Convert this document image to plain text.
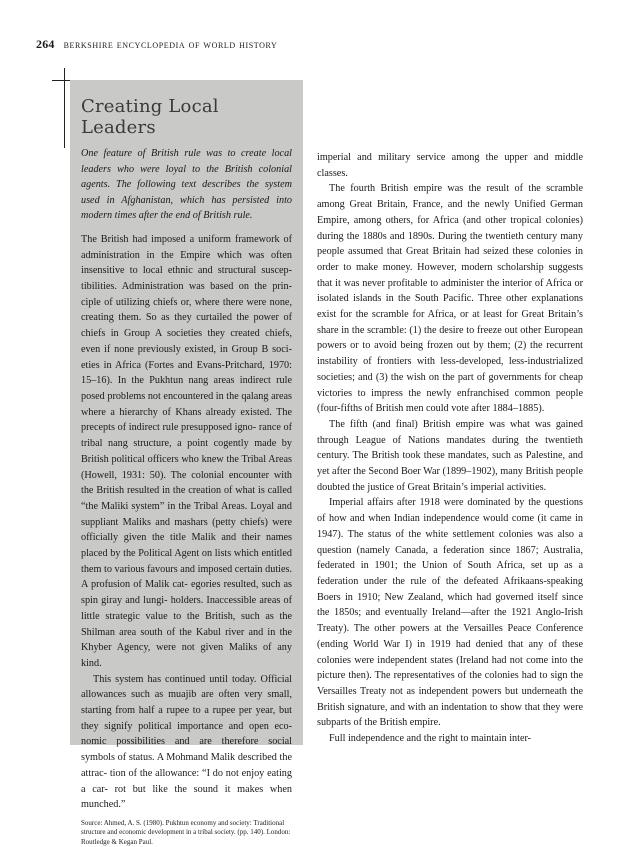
264 berkshire encyclopedia of world history
Creating Local Leaders

One feature of British rule was to create local leaders who were loyal to the British colonial agents. The following text describes the system used in Afghanistan, which has persisted into modern times after the end of British rule.

The British had imposed a uniform framework of administration in the Empire which was often insensitive to local ethnic and structural suscep- tibilities. Administration was based on the prin- ciple of utilizing chiefs or, where there were none, creating them. So as they curtailed the power of chiefs in Group A societies they created chiefs, even if none previously existed, in Group B soci- eties in Africa (Fortes and Evans-Pritchard, 1970: 15–16). In the Pukhtun nang areas indirect rule posed problems not encountered in the qalang areas where a hierarchy of Khans already existed. The precepts of indirect rule presupposed igno- rance of tribal nang structure, a point cogently made by British political officers who knew the Tribal Areas (Howell, 1931: 50). The colonial encounter with the British resulted in the creation of what is called “the Maliki system” in the Tribal Areas. Loyal and suppliant Maliks and mashars (petty chiefs) were officially given the title Malik and their names placed by the Political Agent on lists which entitled them to various favours and imposed certain duties. A profusion of Malik cat- egories resulted, such as spin giray and lungi- holders. Inaccessible areas of little strategic value to the British, such as the Shilman area south of the Kabul river and in the Khyber Agency, were not given Maliks of any kind.

This system has continued until today. Official allowances such as muajib are often very small, starting from half a rupee to a rupee per year, but they signify political importance and open eco- nomic possibilities and are therefore social symbols of status. A Mohmand Malik described the attrac- tion of the allowance: “I do not enjoy eating a car- rot but like the sound it makes when munched.”

Source: Ahmed, A. S. (1980). Pukhtun economy and society: Traditional structure and economic development in a tribal society. (pp. 140). London: Routledge & Kegan Paul.

imperial and military service among the upper and middle classes.

The fourth British empire was the result of the scramble among Great Britain, France, and the newly Unified German Empire, among others, for Africa (and other tropical colonies) during the 1880s and 1890s. During the twentieth century many people assumed that Great Britain had seized these colonies in order to make money. However, modern scholarship suggests that it was never profitable to administer the interior of Africa or isolated islands in the South Pacific. Three other explanations exist for the scramble for Africa, or at least for Great Britain’s share in the scramble: (1) the desire to freeze out other European powers or to avoid being frozen out by them; (2) the recurrent instability of frontiers with less-developed, less-industrialized societies; and (3) the wish on the part of governments for cheap victories to impress the newly enfranchised common people (four-fifths of British men could vote after 1884–1885).

The fifth (and final) British empire was what was gained through League of Nations mandates during the twentieth century. The British took these mandates, such as Palestine, and yet after the Second Boer War (1899–1902), many British people doubted the justice of Great Britain’s imperial activities.

Imperial affairs after 1918 were dominated by the questions of how and when Indian independence would come (it came in 1947). The status of the white settlement colonies was also a question (namely Canada, a federation since 1867; Australia, federated in 1901; the Union of South Africa, set up as a federation under the rule of the defeated Afrikaans-speaking Boers in 1910; New Zealand, which had governed itself since the 1850s; and eventually Ireland—after the 1921 Anglo-Irish Treaty). The other powers at the Versailles Peace Conference (ending World War I) in 1919 had denied that any of these colonies were independent states (Ireland had not come into the picture then). The representatives of the colonies had to sign the Versailles Treaty not as independent powers but underneath the British signature, and with an indentation to show that they were subparts of the British empire.

Full independence and the right to maintain inter-
